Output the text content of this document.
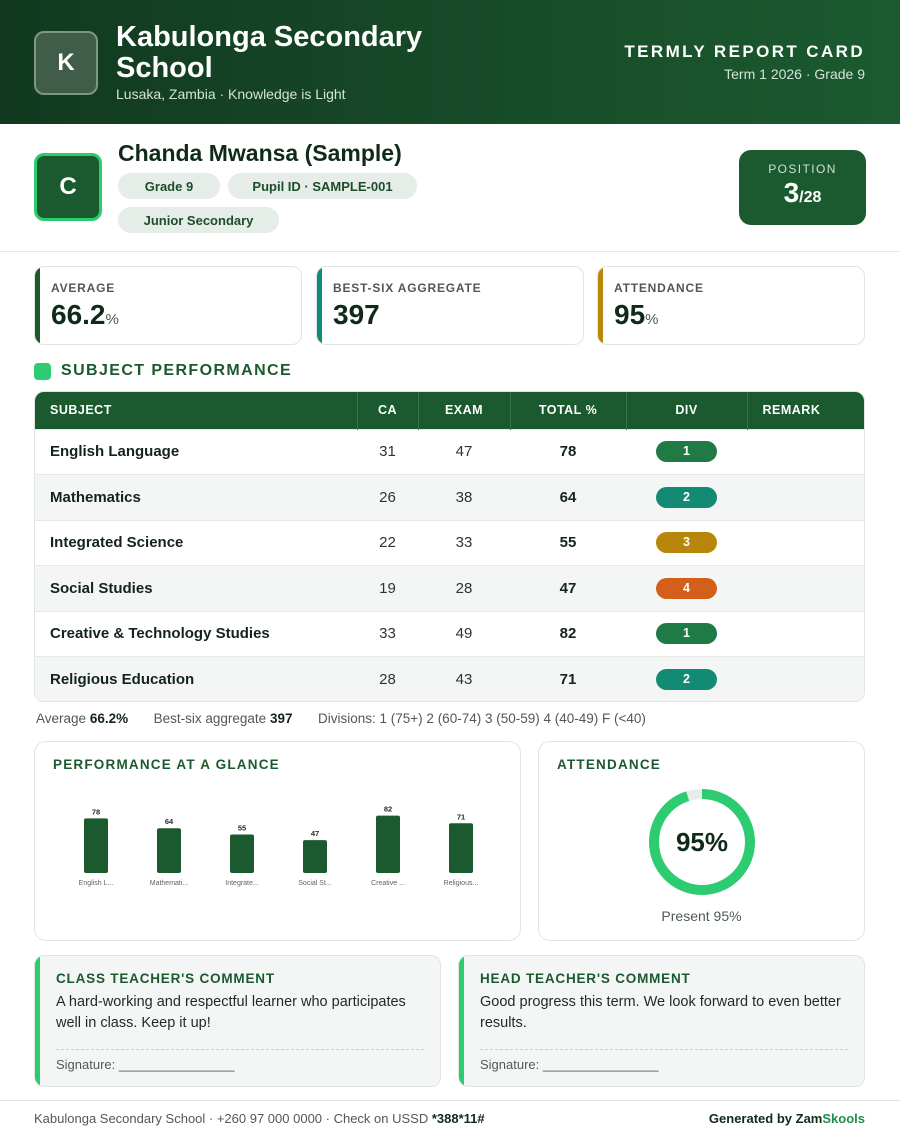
K
Kabulonga Secondary School
Lusaka, Zambia · Knowledge is Light
TERMLY REPORT CARD
Term 1 2026 · Grade 9
C
Chanda Mwansa (Sample)
Grade 9	Pupil ID · SAMPLE-001
Junior Secondary
POSITION
3/28
AVERAGE
66.2%
BEST-SIX AGGREGATE
397
ATTENDANCE
95%
SUBJECT PERFORMANCE
SUBJECT	CA	EXAM	TOTAL %	DIV	REMARK
English Language	31	47	78	1	
Mathematics	26	38	64	2	
Integrated Science	22	33	55	3	
Social Studies	19	28	47	4	
Creative & Technology Studies	33	49	82	1	
Religious Education	28	43	71	2	
Average 66.2% Best-six aggregate 397 Divisions: 1 (75+) 2 (60-74) 3 (50-59) 4 (40-49) F (<40)
PERFORMANCE AT A GLANCE
78
English L...
64
Mathemati...
55
Integrate...
47
Social St...
82
Creative ...
71
Religious...
ATTENDANCE
95%
Present 95%
CLASS TEACHER'S COMMENT
A hard-working and respectful learner who participates well in class. Keep it up!
Signature: ________________
HEAD TEACHER'S COMMENT
Good progress this term. We look forward to even better results.
Signature: ________________
Kabulonga Secondary School · +260 97 000 0000 · Check on USSD *388*11#	Generated by ZamSkools
